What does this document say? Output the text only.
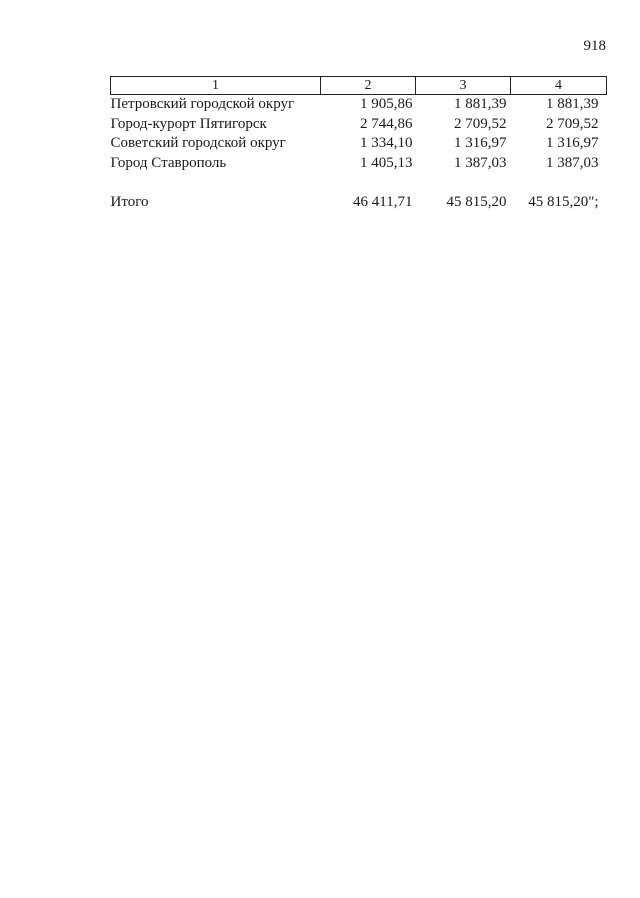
918
1	2	3	4
Петровский городской округ	1 905,86	1 881,39	1 881,39
Город-курорт Пятигорск	2 744,86	2 709,52	2 709,52
Советский городской округ	1 334,10	1 316,97	1 316,97
Город Ставрополь	1 405,13	1 387,03	1 387,03

Итого	46 411,71	45 815,20	45 815,20";
